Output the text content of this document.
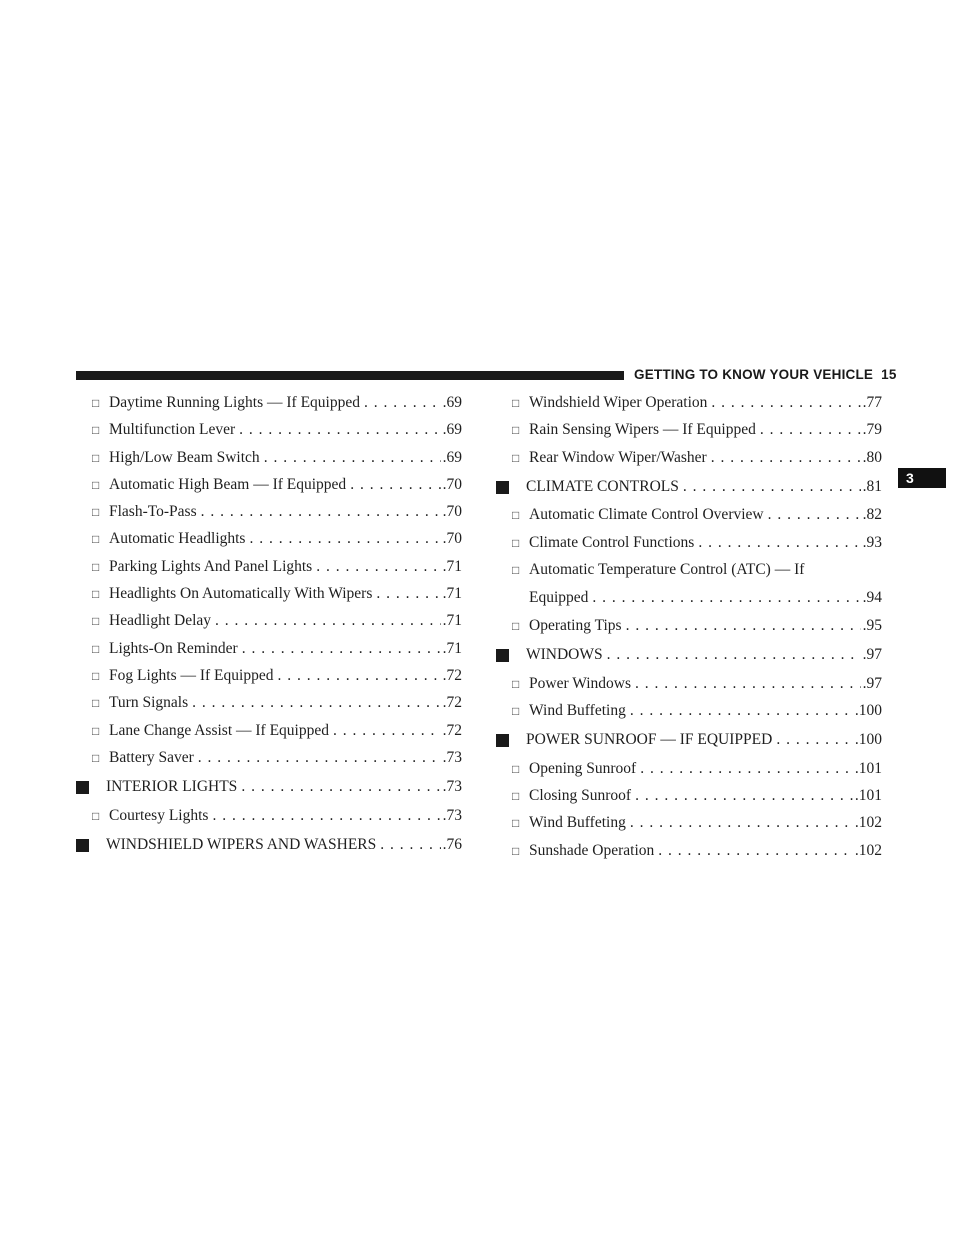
GETTING TO KNOW YOUR VEHICLE 15
3
□ Daytime Running Lights — If Equipped . . .	.69
□ Multifunction Lever . . .	.69
□ High/Low Beam Switch . . .	.69
□ Automatic High Beam — If Equipped . . .	.70
□ Flash-To-Pass . . .	.70
□ Automatic Headlights . . .	.70
□ Parking Lights And Panel Lights . . .	.71
□ Headlights On Automatically With Wipers . . .	.71
□ Headlight Delay . . .	.71
□ Lights-On Reminder . . .	.71
□ Fog Lights — If Equipped . . .	.72
□ Turn Signals . . .	.72
□ Lane Change Assist — If Equipped . . .	.72
□ Battery Saver . . .	.73
INTERIOR LIGHTS . . .	.73
□ Courtesy Lights . . .	.73
WINDSHIELD WIPERS AND WASHERS . . .	.76
□ Windshield Wiper Operation . . .	.77
□ Rain Sensing Wipers — If Equipped . . .	.79
□ Rear Window Wiper/Washer . . .	.80
CLIMATE CONTROLS . . .	.81
□ Automatic Climate Control Overview . . .	.82
□ Climate Control Functions . . .	.93
□ Automatic Temperature Control (ATC) — If
Equipped . . .	.94
□ Operating Tips . . .	.95
WINDOWS . . .	.97
□ Power Windows . . .	.97
□ Wind Buffeting . . .	.100
POWER SUNROOF — IF EQUIPPED . . .	.100
□ Opening Sunroof . . .	.101
□ Closing Sunroof . . .	.101
□ Wind Buffeting . . .	.102
□ Sunshade Operation . . .	.102
